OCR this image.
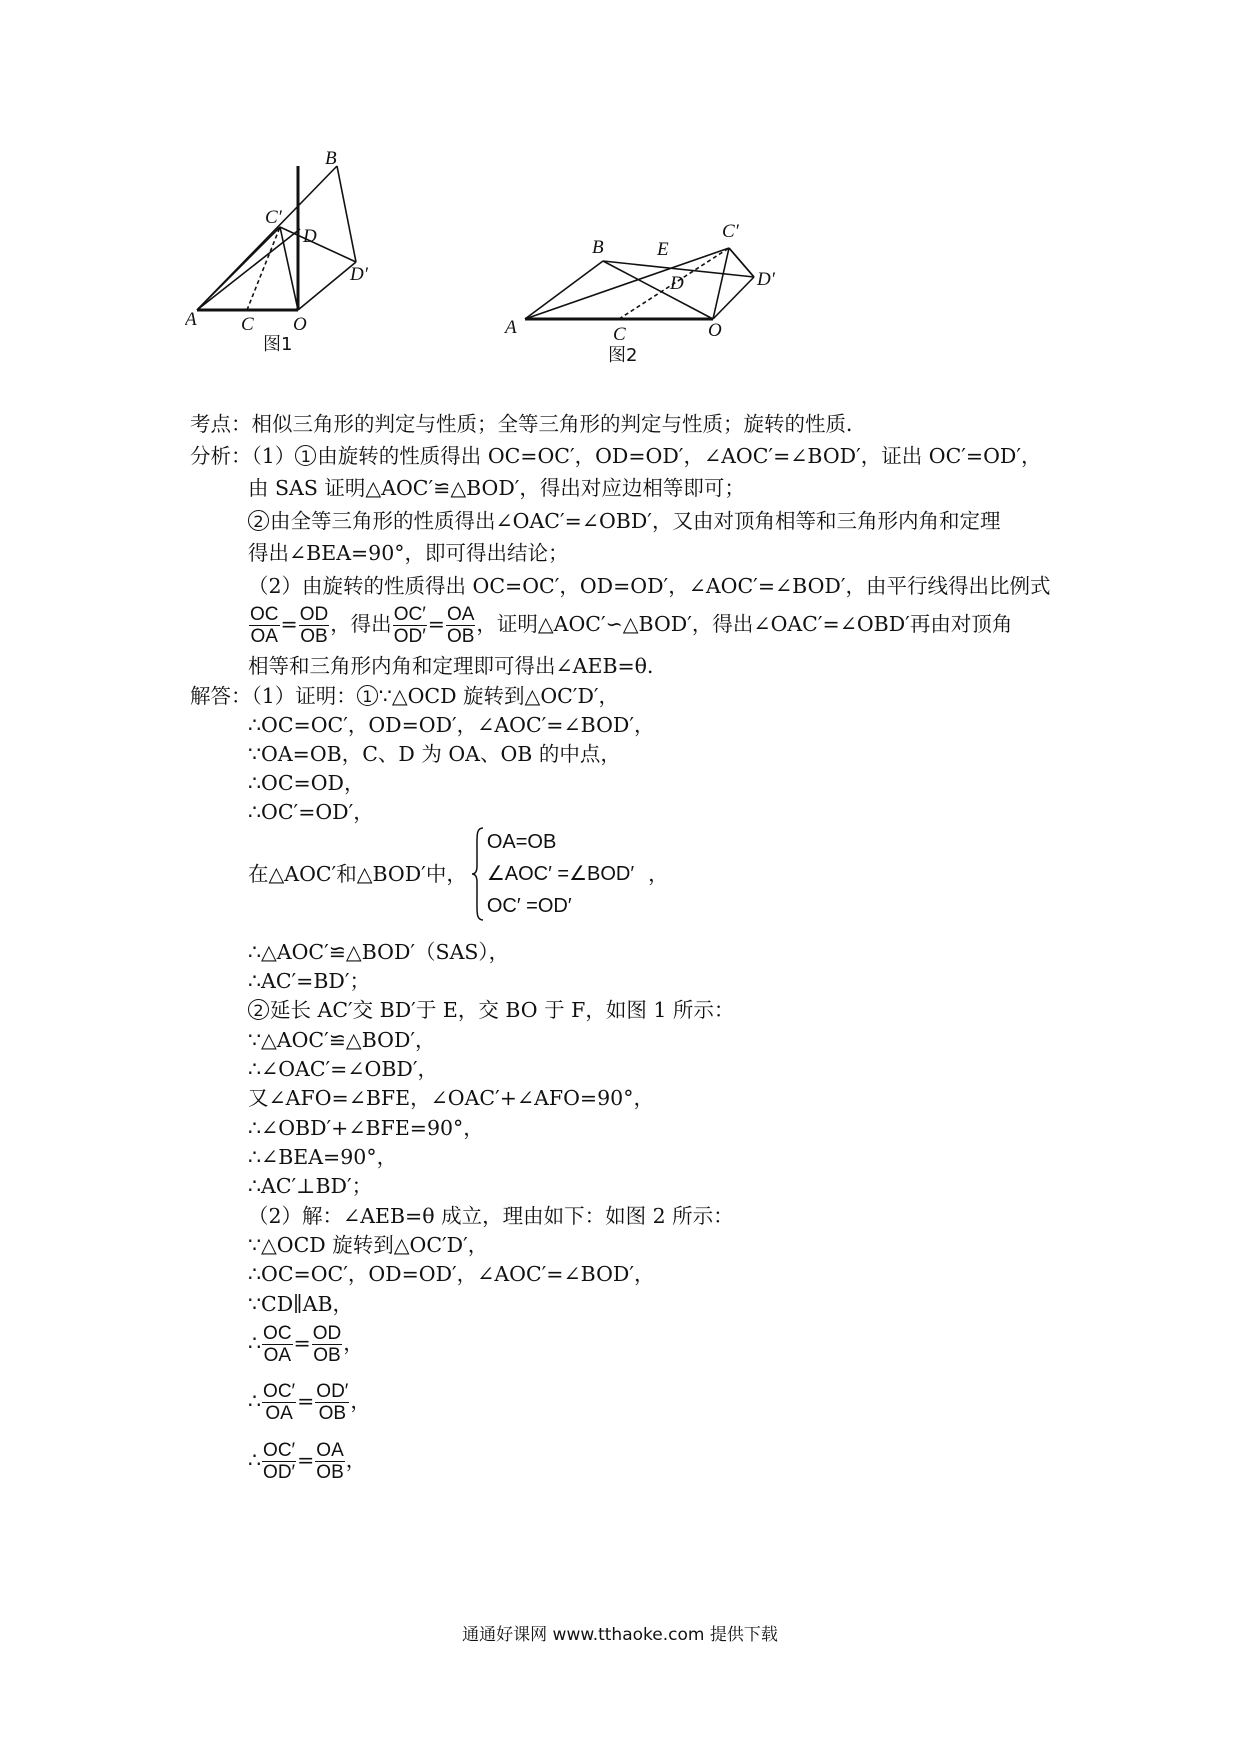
B
C′
D
D′
A C O
图1
A
B	E
C′
D′
D
C	O
图2
考点：相似三角形的判定与性质；全等三角形的判定与性质；旋转的性质．
分析：（1） 1 由旋转的性质得出 OC=OC′，OD=OD′，∠AOC′=∠BOD′，证出 OC′=OD′，
由 SAS 证明△AOC′≌△BOD′，得出对应边相等即可；
2 由全等三角形的性质得出∠OAC′=∠OBD′，又由对顶角相等和三角形内角和定理
得出∠BEA=90°，即可得出结论；
（2）由旋转的性质得出 OC=OC′，OD=OD′，∠AOC′=∠BOD′，由平行线得出比例式
$\frac{OC}{OA} = \frac{OD}{OB}$ ，得出 $\frac{OC'}{OD'} = \frac{OA}{OB}$ ，证明△AOC′∽△BOD′，得出∠OAC′=∠OBD′再由对顶角
相等和三角形内角和定理即可得出∠AEB=θ．
解答：（1）证明： 1 ∵△OCD 旋转到△OC′D′，
∴OC=OC′，OD=OD′，∠AOC′=∠BOD′，
∵OA=OB，C、D 为 OA、OB 的中点，
∴OC=OD，
∴OC′=OD′，
在△AOC′和△BOD′中，
OA=OB
∠AOC′ =∠BOD′
OC′ =OD′
，
∴△AOC′≌△BOD′（SAS），
∴AC′=BD′；
2 延长 AC′交 BD′于 E，交 BO 于 F，如图 1 所示：
∵△AOC′≌△BOD′，
∴∠OAC′=∠OBD′，
又∠AFO=∠BFE，∠OAC′+∠AFO=90°，
∴∠OBD′+∠BFE=90°，
∴∠BEA=90°，
∴AC′⊥BD′；
（2）解：∠AEB=θ 成立，理由如下：如图 2 所示：
∵△OCD 旋转到△OC′D′，
∴OC=OC′，OD=OD′，∠AOC′=∠BOD′，
∵CD∥AB，
∴ $\frac{OC}{OA} = \frac{OD}{OB}$ ，
∴ $\frac{OC'}{OA} = \frac{OD'}{OB}$ ，
∴ $\frac{OC'}{OD'} = \frac{OA}{OB}$ ，
通通好课网 www.tthaoke.com 提供下载
